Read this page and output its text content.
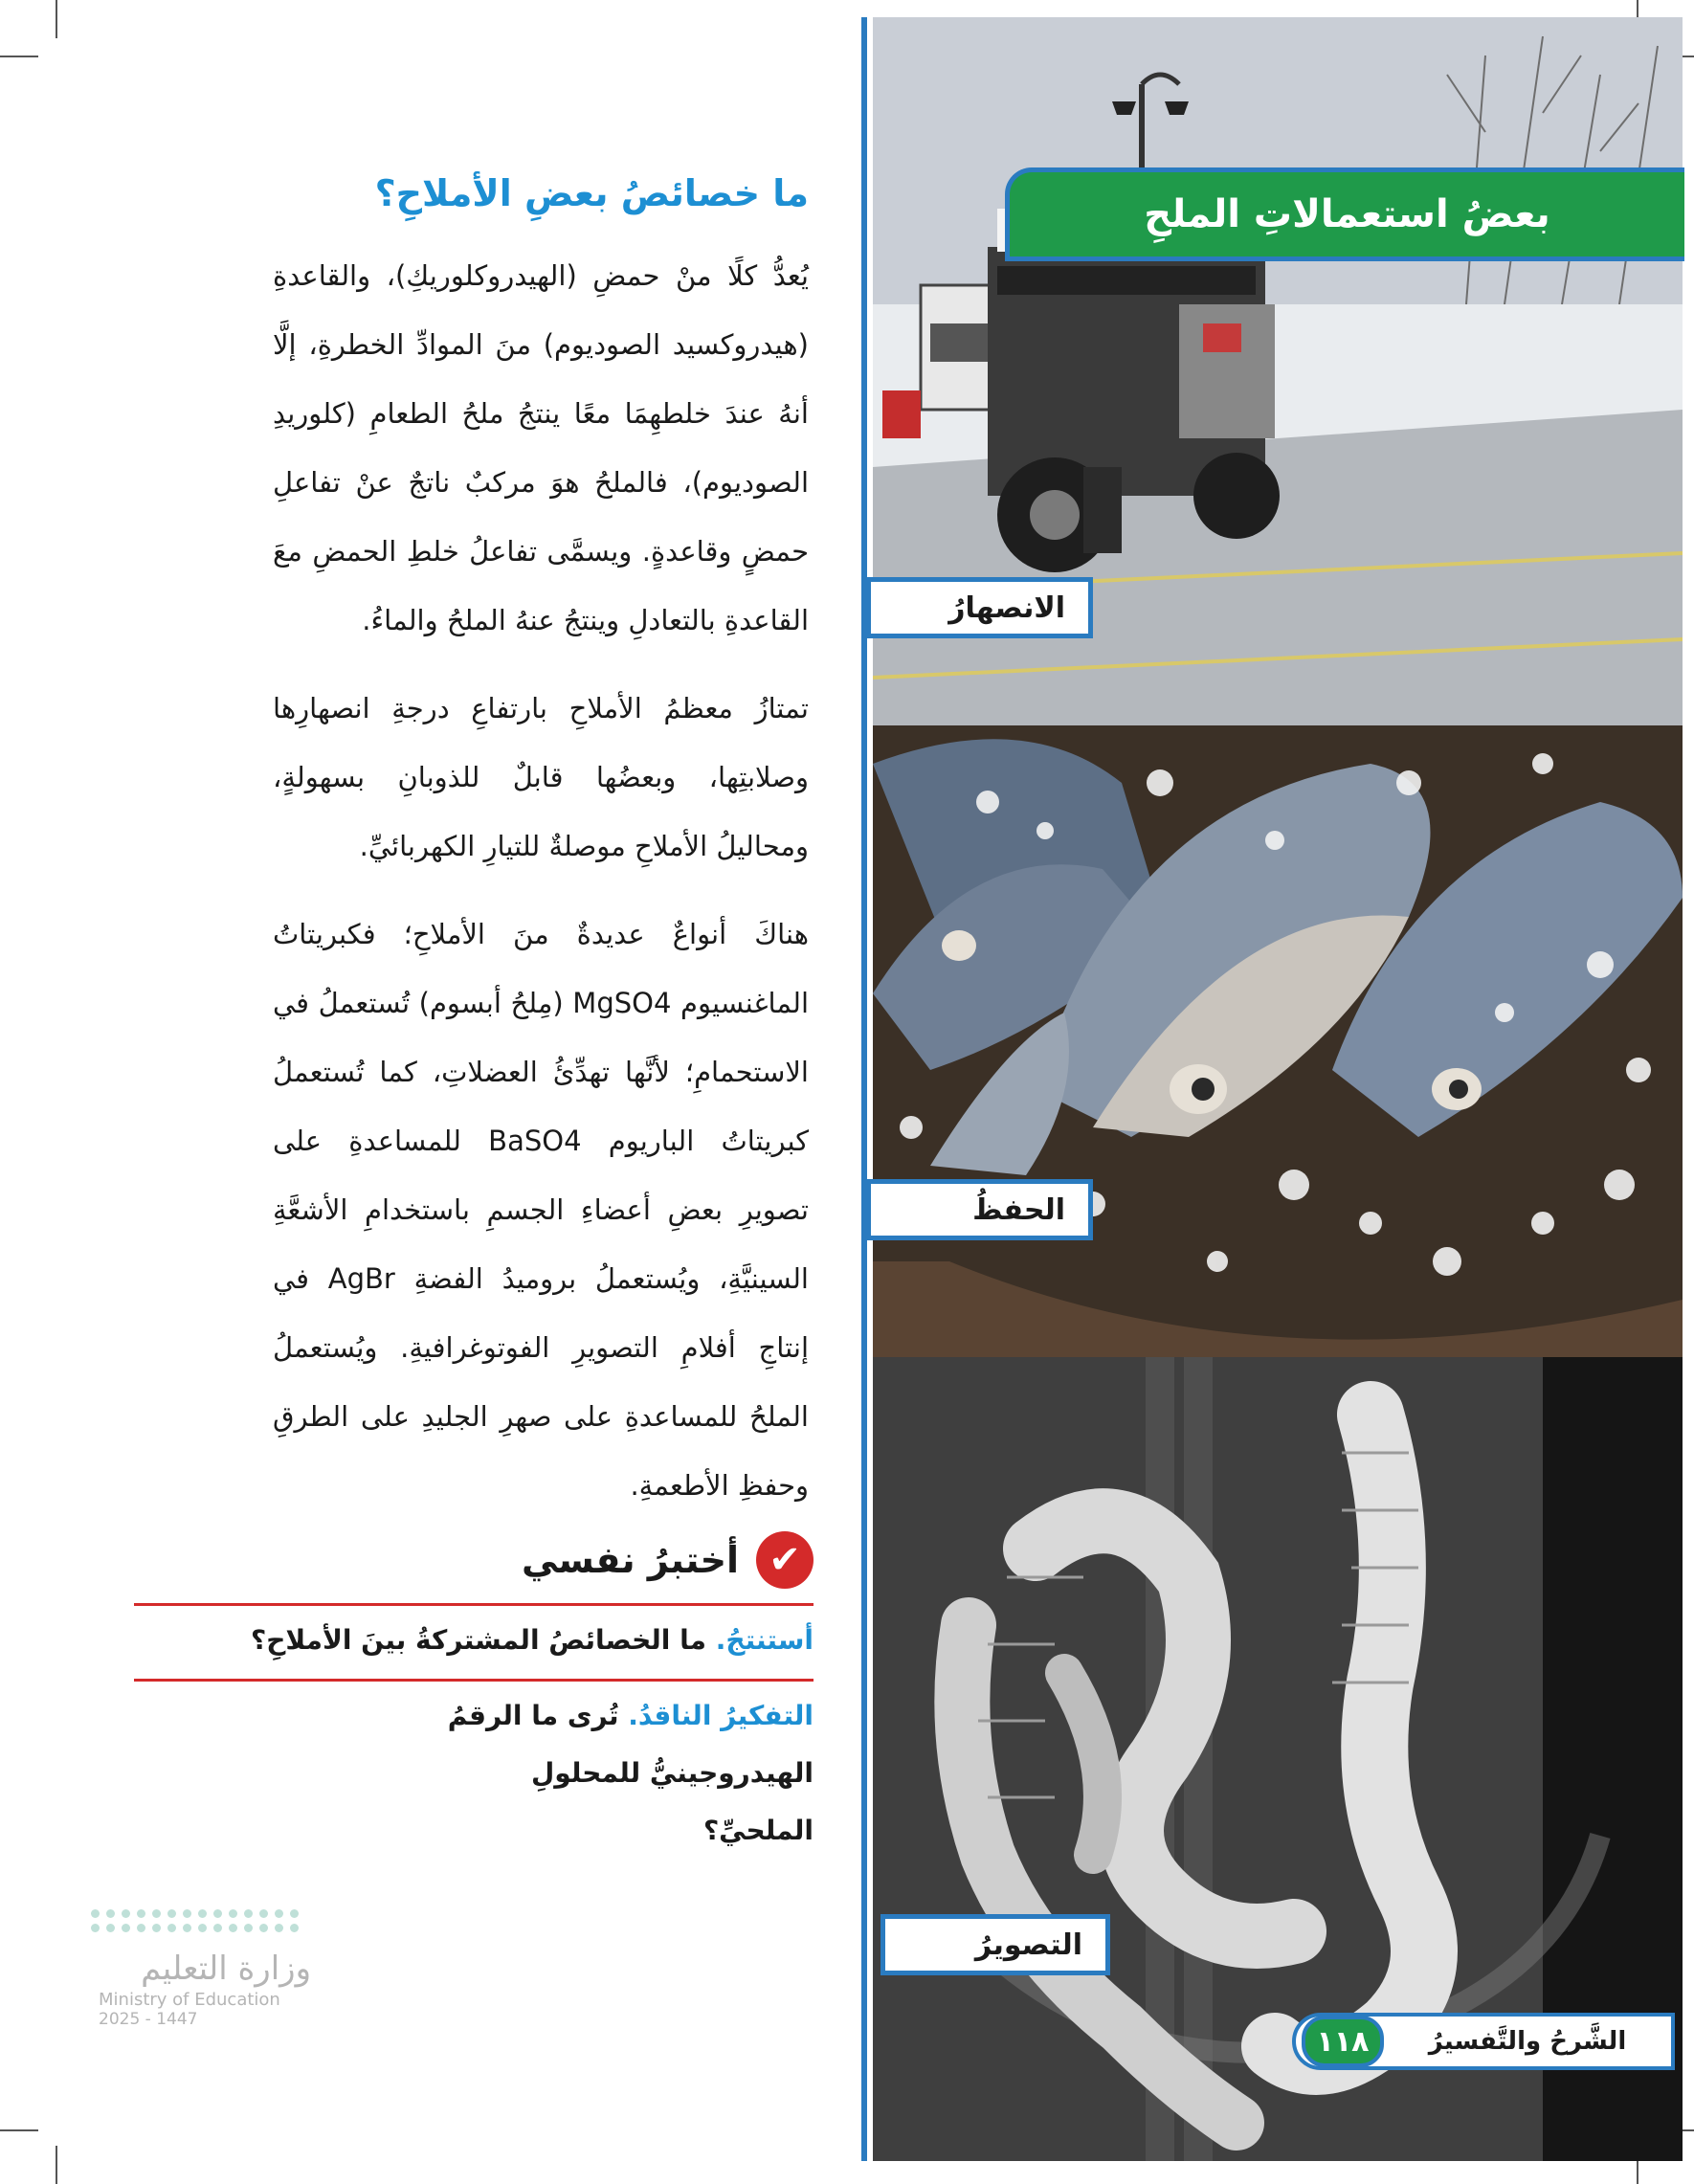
بعضُ استعمالاتِ الملحِ
الانصهارُ
الحفظُ
التصويرُ
الشَّرحُ والتَّفسيرُ
١١٨
ما خصائصُ بعضِ الأملاحِ؟

يُعدُّ كلًا منْ حمضِ (الهيدروكلوريكِ)، والقاعدةِ (هيدروكسيد الصوديوم) منَ الموادِّ الخطرةِ، إلَّا أنهُ عندَ خلطهِمَا معًا ينتجُ ملحُ الطعامِ (كلوريدِ الصوديوم)، فالملحُ هوَ مركبٌ ناتجٌ عنْ تفاعلِ حمضٍ وقاعدةٍ. ويسمَّى تفاعلُ خلطِ الحمضِ معَ القاعدةِ بالتعادلِ وينتجُ عنهُ الملحُ والماءُ.

تمتازُ معظمُ الأملاحِ بارتفاعِ درجةِ انصهارِها وصلابتِها، وبعضُها قابلٌ للذوبانِ بسهولةٍ، ومحاليلُ الأملاحِ موصلةٌ للتيارِ الكهربائيِّ.

هناكَ أنواعٌ عديدةٌ منَ الأملاحِ؛ فكبريتاتُ الماغنسيوم MgSO4 (مِلحُ أبسوم) تُستعملُ في الاستحمامِ؛ لأنَّها تهدِّئُ العضلاتِ، كما تُستعملُ كبريتاتُ الباريوم BaSO4 للمساعدةِ على تصويرِ بعضِ أعضاءِ الجسمِ باستخدامِ الأشعَّةِ السينيَّةِ، ويُستعملُ بروميدُ الفضةِ AgBr في إنتاجِ أفلامِ التصويرِ الفوتوغرافيةِ. ويُستعملُ الملحُ للمساعدةِ على صهرِ الجليدِ على الطرقِ وحفظِ الأطعمةِ.

✔
أختبرُ نفسي
أستنتجُ. ما الخصائصُ المشتركةُ بينَ الأملاحِ؟
التفكيرُ الناقدُ. تُرى ما الرقمُ الهيدروجينيُّ للمحلولِ الملحيِّ؟

وزارة التعليم

Ministry of Education

2025 - 1447
